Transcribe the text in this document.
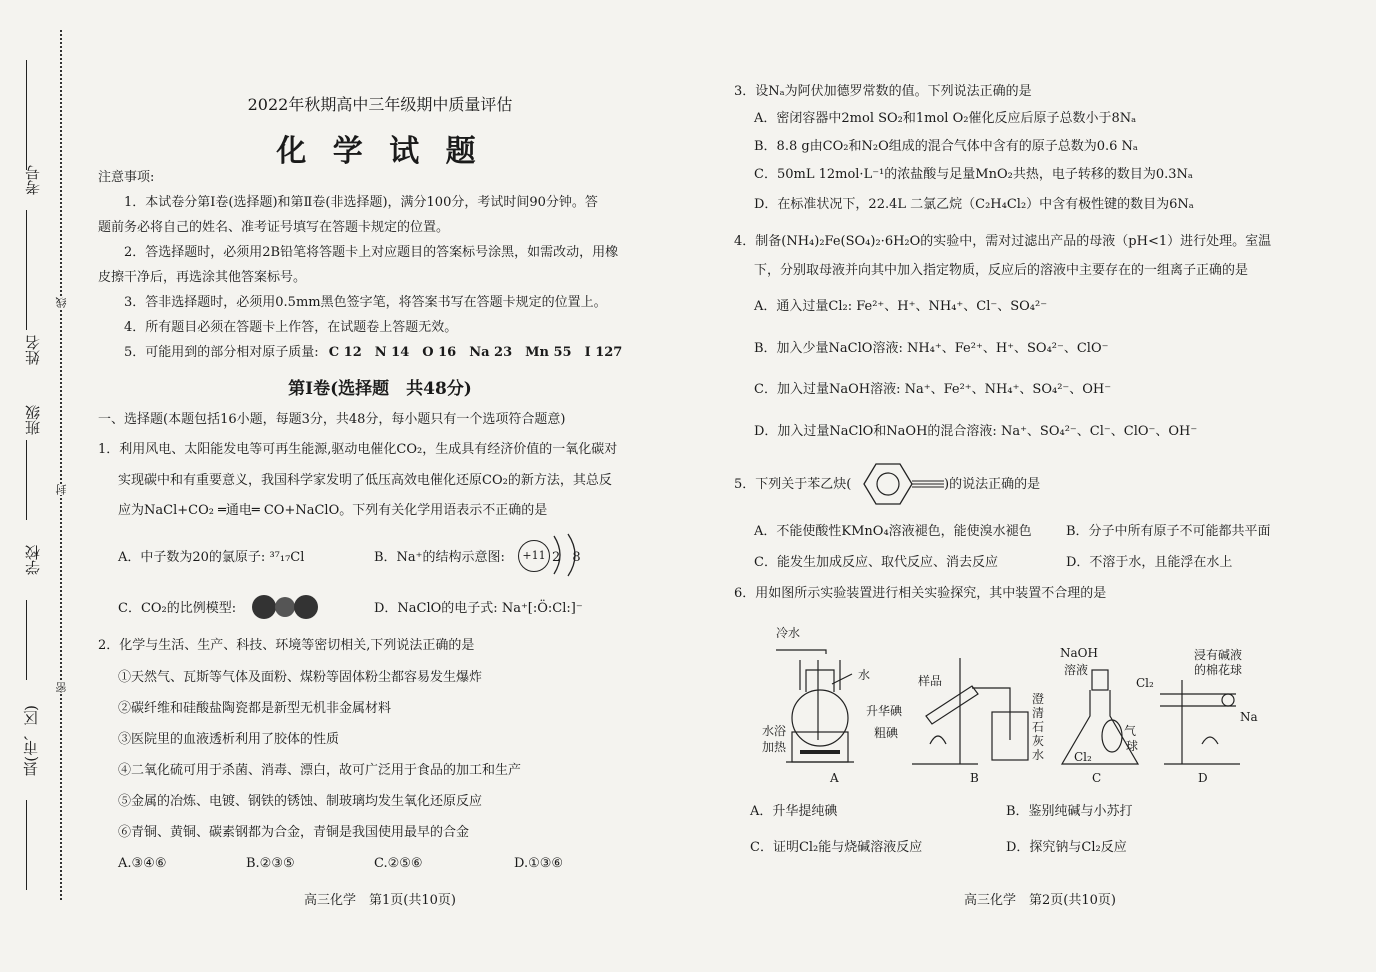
考号
姓名
班级
学校
县(市、区)
线
封
密
2022年秋期高中三年级期中质量评估
化 学 试 题
注意事项:
1．本试卷分第Ⅰ卷(选择题)和第Ⅱ卷(非选择题)，满分100分，考试时间90分钟。答
题前务必将自己的姓名、准考证号填写在答题卡规定的位置。
2．答选择题时，必须用2B铅笔将答题卡上对应题目的答案标号涂黑，如需改动，用橡
皮擦干净后，再选涂其他答案标号。
3．答非选择题时，必须用0.5mm黑色签字笔，将答案书写在答题卡规定的位置上。
4．所有题目必须在答题卡上作答，在试题卷上答题无效。
5．可能用到的部分相对原子质量: C 12　N 14　O 16　Na 23　Mn 55　I 127
第Ⅰ卷(选择题　共48分)
一、选择题(本题包括16小题，每题3分，共48分，每小题只有一个选项符合题意)
1．利用风电、太阳能发电等可再生能源,驱动电催化CO₂，生成具有经济价值的一氧化碳对
实现碳中和有重要意义，我国科学家发明了低压高效电催化还原CO₂的新方法，其总反
应为NaCl+CO₂ ═通电═ CO+NaClO。下列有关化学用语表示不正确的是
A．中子数为20的氯原子: ³⁷₁₇Cl	B．Na⁺的结构示意图:	+11 2 8
C．CO₂的比例模型:	D．NaClO的电子式: Na⁺[:Ö:Cl:]⁻
2．化学与生活、生产、科技、环境等密切相关,下列说法正确的是
①天然气、瓦斯等气体及面粉、煤粉等固体粉尘都容易发生爆炸
②碳纤维和硅酸盐陶瓷都是新型无机非金属材料
③医院里的血液透析利用了胶体的性质
④二氧化硫可用于杀菌、消毒、漂白，故可广泛用于食品的加工和生产
⑤金属的冶炼、电镀、钢铁的锈蚀、制玻璃均发生氧化还原反应
⑥青铜、黄铜、碳素钢都为合金，青铜是我国使用最早的合金
A.③④⑥	B.②③⑤	C.②⑤⑥	D.①③⑥
高三化学　第1页(共10页)
3．设Nₐ为阿伏加德罗常数的值。下列说法正确的是
A．密闭容器中2mol SO₂和1mol O₂催化反应后原子总数小于8Nₐ
B．8.8 g由CO₂和N₂O组成的混合气体中含有的原子总数为0.6 Nₐ
C．50mL 12mol·L⁻¹的浓盐酸与足量MnO₂共热，电子转移的数目为0.3Nₐ
D．在标准状况下，22.4L 二氯乙烷（C₂H₄Cl₂）中含有极性键的数目为6Nₐ
4．制备(NH₄)₂Fe(SO₄)₂·6H₂O的实验中，需对过滤出产品的母液（pH<1）进行处理。室温
下，分别取母液并向其中加入指定物质，反应后的溶液中主要存在的一组离子正确的是
A．通入过量Cl₂: Fe²⁺、H⁺、NH₄⁺、Cl⁻、SO₄²⁻
B．加入少量NaClO溶液: NH₄⁺、Fe²⁺、H⁺、SO₄²⁻、ClO⁻
C．加入过量NaOH溶液: Na⁺、Fe²⁺、NH₄⁺、SO₄²⁻、OH⁻
D．加入过量NaClO和NaOH的混合溶液: Na⁺、SO₄²⁻、Cl⁻、ClO⁻、OH⁻
5．下列关于苯乙炔(	)的说法正确的是
A．不能使酸性KMnO₄溶液褪色，能使溴水褪色	B．分子中所有原子不可能都共平面
C．能发生加成反应、取代反应、消去反应	D．不溶于水，且能浮在水上
6．用如图所示实验装置进行相关实验探究，其中装置不合理的是
冷水
水
水浴
加热
升华碘
粗碘
样品
澄
清
石
灰
水
NaOH
溶液
Cl₂
气
球
浸有碱液
的棉花球
Cl₂
Na
A	B	C	D
A．升华提纯碘	B．鉴别纯碱与小苏打
C．证明Cl₂能与烧碱溶液反应	D．探究钠与Cl₂反应
高三化学　第2页(共10页)
